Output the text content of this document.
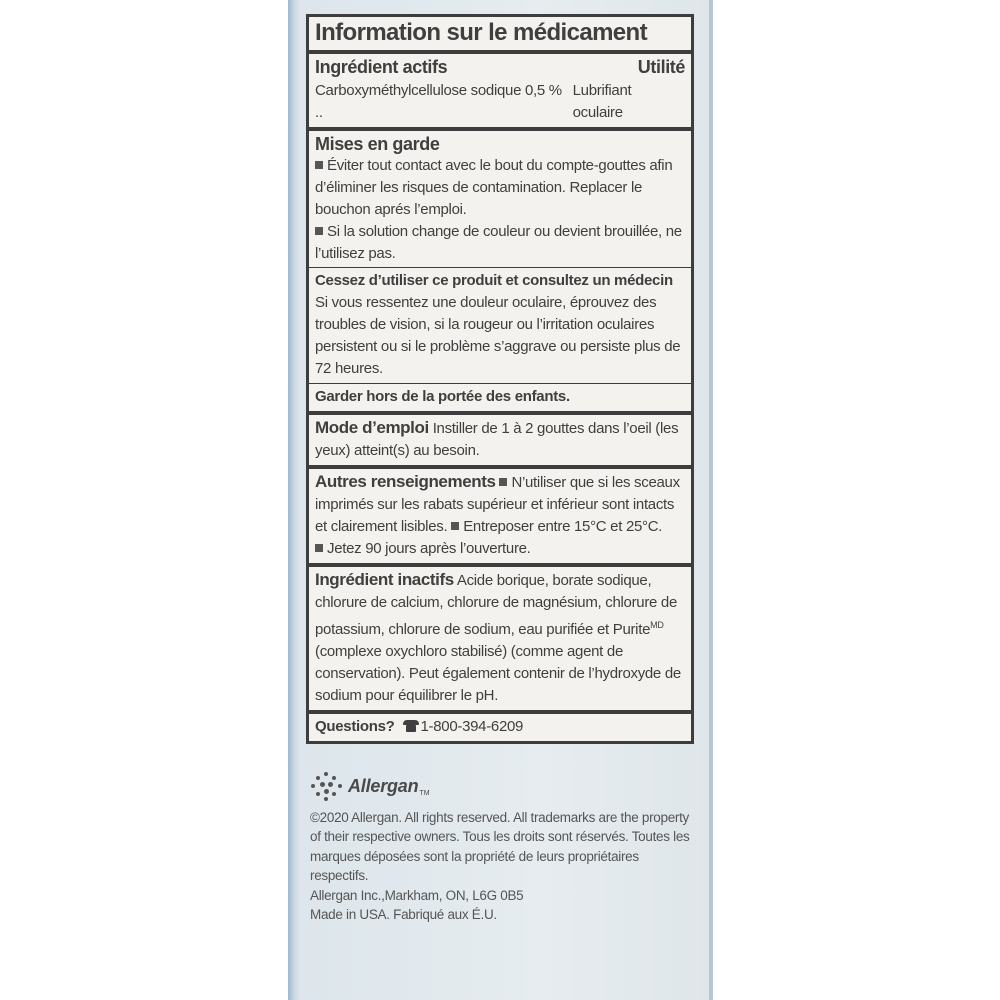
Information sur le médicament
Ingrédient actifs	Utilité
Carboxyméthylcellulose sodique 0,5 % ..
Lubrifiant oculaire
Mises en garde
Éviter tout contact avec le bout du compte-gouttes afin d’éliminer les risques de contamination. Replacer le bouchon aprés l’emploi.
Si la solution change de couleur ou devient brouillée, ne l’utilisez pas.
Cessez d’utiliser ce produit et consultez un médecin Si vous ressentez une douleur oculaire, éprouvez des troubles de vision, si la rougeur ou l’irritation oculaires persistent ou si le problème s’aggrave ou persiste plus de 72 heures.
Garder hors de la portée des enfants.
Mode d’emploi Instiller de 1 à 2 gouttes dans l’oeil (les yeux) atteint(s) au besoin.
Autres renseignements N’utiliser que si les sceaux imprimés sur les rabats supérieur et inférieur sont intacts et clairement lisibles. Entreposer entre 15°C et 25°C.
Jetez 90 jours après l’ouverture.
Ingrédient inactifs Acide borique, borate sodique, chlorure de calcium, chlorure de magnésium, chlorure de potassium, chlorure de sodium, eau purifiée et Purite$^{MD}$ (complexe oxychloro stabilisé) (comme agent de conservation). Peut également contenir de l’hydroxyde de sodium pour équilibrer le pH.
Questions? 1-800-394-6209
Allergan TM

©2020 Allergan. All rights reserved. All trademarks are the property of their respective owners. Tous les droits sont réservés. Toutes les marques déposées sont la propriété de leurs propriétaires respectifs.

Allergan Inc.,Markham, ON, L6G 0B5

Made in USA. Fabriqué aux É.U.
